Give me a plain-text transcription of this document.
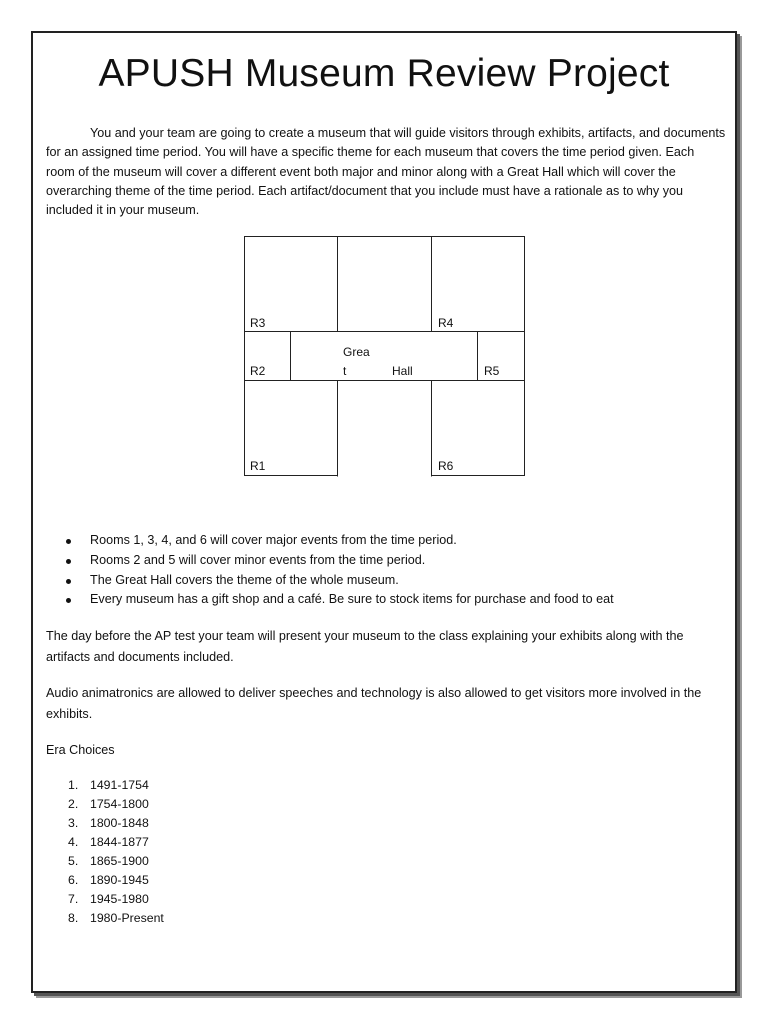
APUSH Museum Review Project

You and your team are going to create a museum that will guide visitors through exhibits, artifacts, and documents for an assigned time period. You will have a specific theme for each museum that covers the time period given. Each room of the museum will cover a different event both major and minor along with a Great Hall which will cover the overarching theme of the time period. Each artifact/document that you include must have a rationale as to why you included it in your museum.

R3	R4
R2	R5
R1	R6
Grea
t	Hall
Rooms 1, 3, 4, and 6 will cover major events from the time period.
Rooms 2 and 5 will cover minor events from the time period.
The Great Hall covers the theme of the whole museum.
Every museum has a gift shop and a café. Be sure to stock items for purchase and food to eat

The day before the AP test your team will present your museum to the class explaining your exhibits along with the artifacts and documents included.

Audio animatronics are allowed to deliver speeches and technology is also allowed to get visitors more involved in the exhibits.

Era Choices

1. 1491-1754
2. 1754-1800
3. 1800-1848
4. 1844-1877
5. 1865-1900
6. 1890-1945
7. 1945-1980
8. 1980-Present
